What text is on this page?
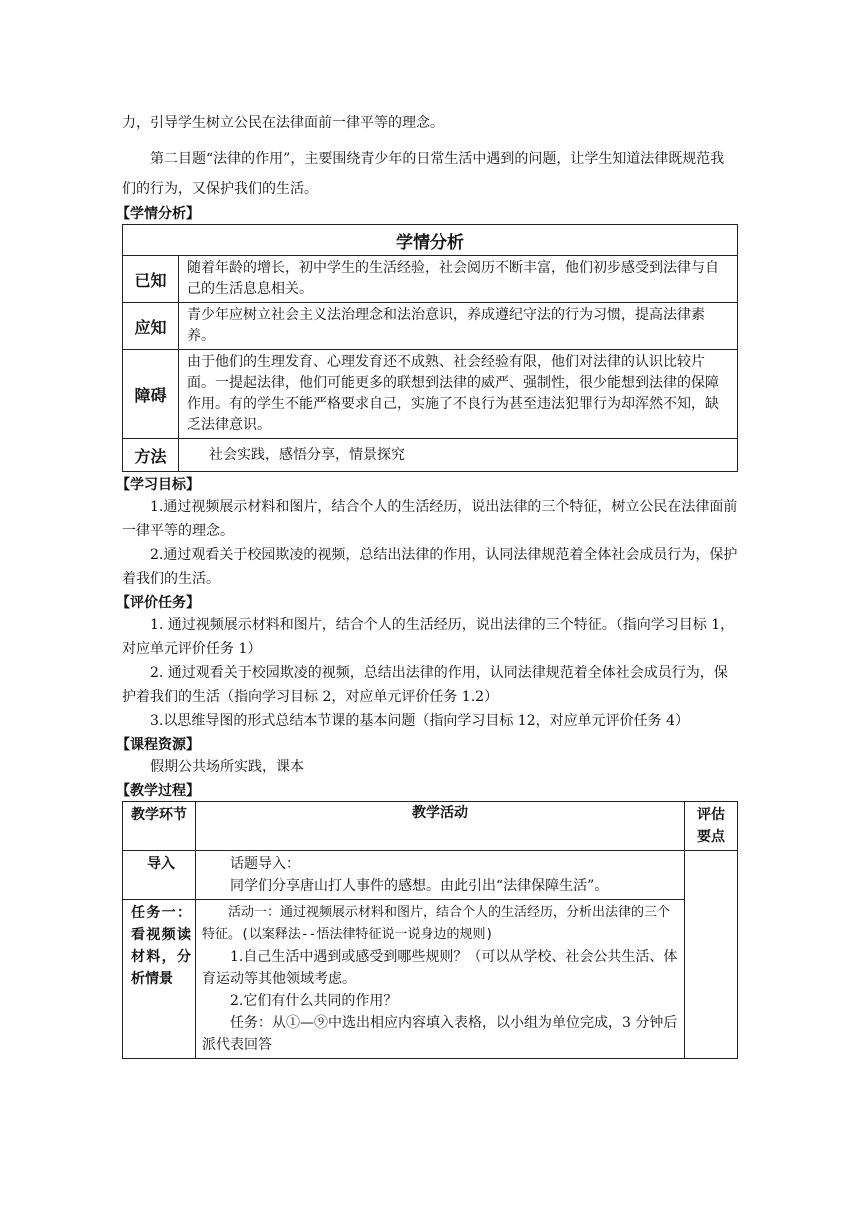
力，引导学生树立公民在法律面前一律平等的理念。

第二目题“法律的作用”，主要围绕青少年的日常生活中遇到的问题，让学生知道法律既规范我们的行为，又保护我们的生活。

【学情分析】

学情分析	
已知	随着年龄的增长，初中学生的生活经验，社会阅历不断丰富，他们初步感受到法律与自己的生活息息相关。
应知	青少年应树立社会主义法治理念和法治意识，养成遵纪守法的行为习惯，提高法律素养。
障碍	由于他们的生理发育、心理发育还不成熟、社会经验有限，他们对法律的认识比较片面。一提起法律，他们可能更多的联想到法律的威严、强制性，很少能想到法律的保障作用。有的学生不能严格要求自己，实施了不良行为甚至违法犯罪行为却浑然不知，缺乏法律意识。
方法	社会实践，感悟分享，情景探究

【学习目标】

1.通过视频展示材料和图片，结合个人的生活经历，说出法律的三个特征，树立公民在法律面前一律平等的理念。

2.通过观看关于校园欺凌的视频，总结出法律的作用，认同法律规范着全体社会成员行为，保护着我们的生活。

【评价任务】

1. 通过视频展示材料和图片，结合个人的生活经历，说出法律的三个特征。（指向学习目标 1，对应单元评价任务 1）

2. 通过观看关于校园欺凌的视频，总结出法律的作用，认同法律规范着全体社会成员行为，保护着我们的生活（指向学习目标 2，对应单元评价任务 1.2）

3.以思维导图的形式总结本节课的基本问题（指向学习目标 12，对应单元评价任务 4）

【课程资源】

假期公共场所实践，课本

【教学过程】

教学环节	教学活动	评估要点
导入	话题导入：

同学们分享唐山打人事件的感想。由此引出“法律保障生活”。	

任务一：看视频读材料，分析情景	活动一：通过视频展示材料和图片，结合个人的生活经历，分析出法律的三个特征。(以案释法--悟法律特征说一说身边的规则)

1.自己生活中遇到或感受到哪些规则？（可以从学校、社会公共生活、体育运动等其他领域考虑。

2.它们有什么共同的作用？

任务：从①—⑨中选出相应内容填入表格，以小组为单位完成，3 分钟后派代表回答	
